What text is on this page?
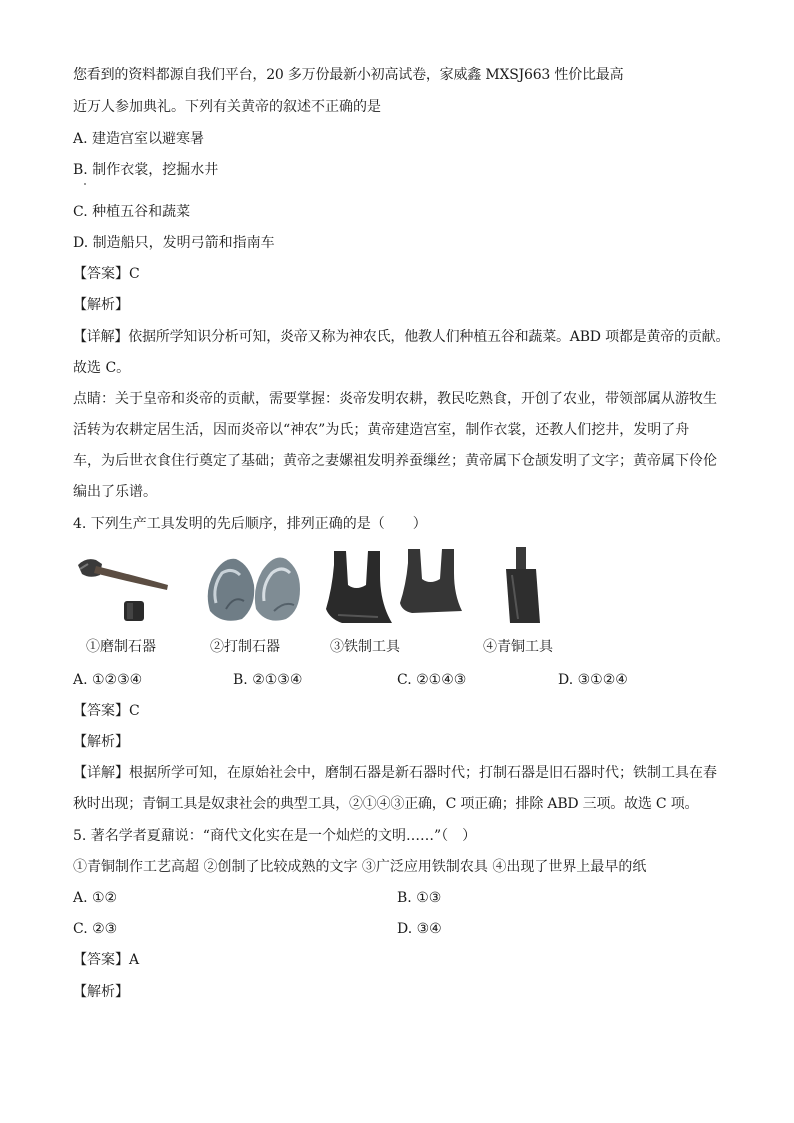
您看到的资料都源自我们平台，20 多万份最新小初高试卷，家威鑫 MXSJ663 性价比最高
近万人参加典礼。下列有关黄帝的叙述不正确的是
A. 建造宫室以避寒暑
B. 制作衣裳，挖掘水井
C. 种植五谷和蔬菜
D. 制造船只，发明弓箭和指南车
【答案】C
【解析】
【详解】依据所学知识分析可知，炎帝又称为神农氏，他教人们种植五谷和蔬菜。ABD 项都是黄帝的贡献。
故选 C。
点睛：关于皇帝和炎帝的贡献，需要掌握：炎帝发明农耕，教民吃熟食，开创了农业，带领部属从游牧生
活转为农耕定居生活，因而炎帝以“神农”为氏；黄帝建造宫室，制作衣裳，还教人们挖井，发明了舟
车，为后世衣食住行奠定了基础；黄帝之妻嫘祖发明养蚕缫丝；黄帝属下仓颉发明了文字；黄帝属下伶伦
编出了乐谱。
4. 下列生产工具发明的先后顺序，排列正确的是（　　）
①磨制石器	②打制石器	③铁制工具	④青铜工具
A. ①②③④	B. ②①③④	C. ②①④③	D. ③①②④
【答案】C
【解析】
【详解】根据所学可知，在原始社会中，磨制石器是新石器时代；打制石器是旧石器时代；铁制工具在春
秋时出现；青铜工具是奴隶社会的典型工具，②①④③正确，C 项正确；排除 ABD 三项。故选 C 项。
5. 著名学者夏鼐说：“商代文化实在是一个灿烂的文明……”（　）
①青铜制作工艺高超 ②创制了比较成熟的文字 ③广泛应用铁制农具 ④出现了世界上最早的纸
A. ①②	B. ①③
C. ②③	D. ③④
【答案】A
【解析】
